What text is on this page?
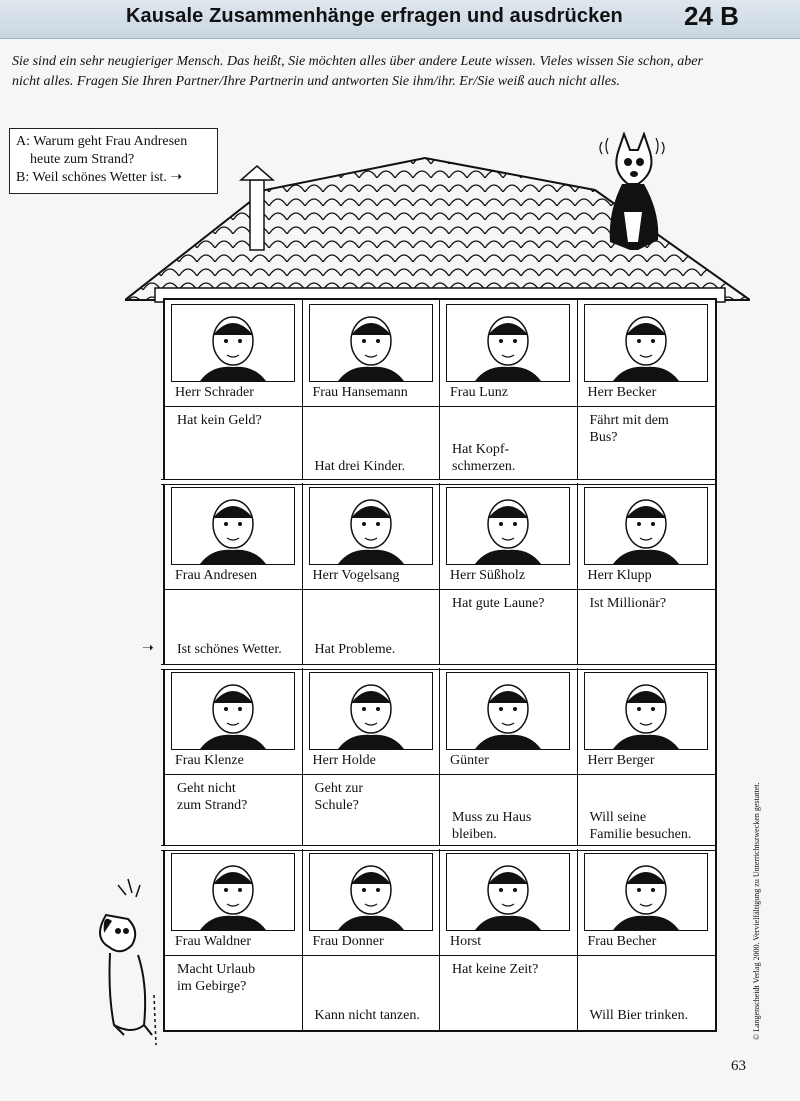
Kausale Zusammenhänge erfragen und ausdrücken 24 B
Sie sind ein sehr neugieriger Mensch. Das heißt, Sie möchten alles über andere Leute wissen. Vieles wissen Sie schon, aber nicht alles. Fragen Sie Ihren Partner/Ihre Partnerin und antworten Sie ihm/ihr. Er/Sie weiß auch nicht alles.
A: Warum geht Frau Andresen
heute zum Strand?
B: Weil schönes Wetter ist. ➝
Herr Schrader
Hat kein Geld?
Frau Hansemann
Hat drei Kinder.
Frau Lunz
Hat Kopf-
schmerzen.
Herr Becker
Fährt mit dem
Bus?
Frau Andresen
Ist schönes Wetter.
Herr Vogelsang
Hat Probleme.
Herr Süßholz
Hat gute Laune?
Herr Klupp
Ist Millionär?
Frau Klenze
Geht nicht
zum Strand?
Herr Holde
Geht zur
Schule?
Günter
Muss zu Haus
bleiben.
Herr Berger
Will seine
Familie besuchen.
Frau Waldner
Macht Urlaub
im Gebirge?
Frau Donner
Kann nicht tanzen.
Horst
Hat keine Zeit?
Frau Becher
Will Bier trinken.
➝
63
© Langenscheidt Verlag 2000. Vervielfältigung zu Unterrichtszwecken gestattet.
